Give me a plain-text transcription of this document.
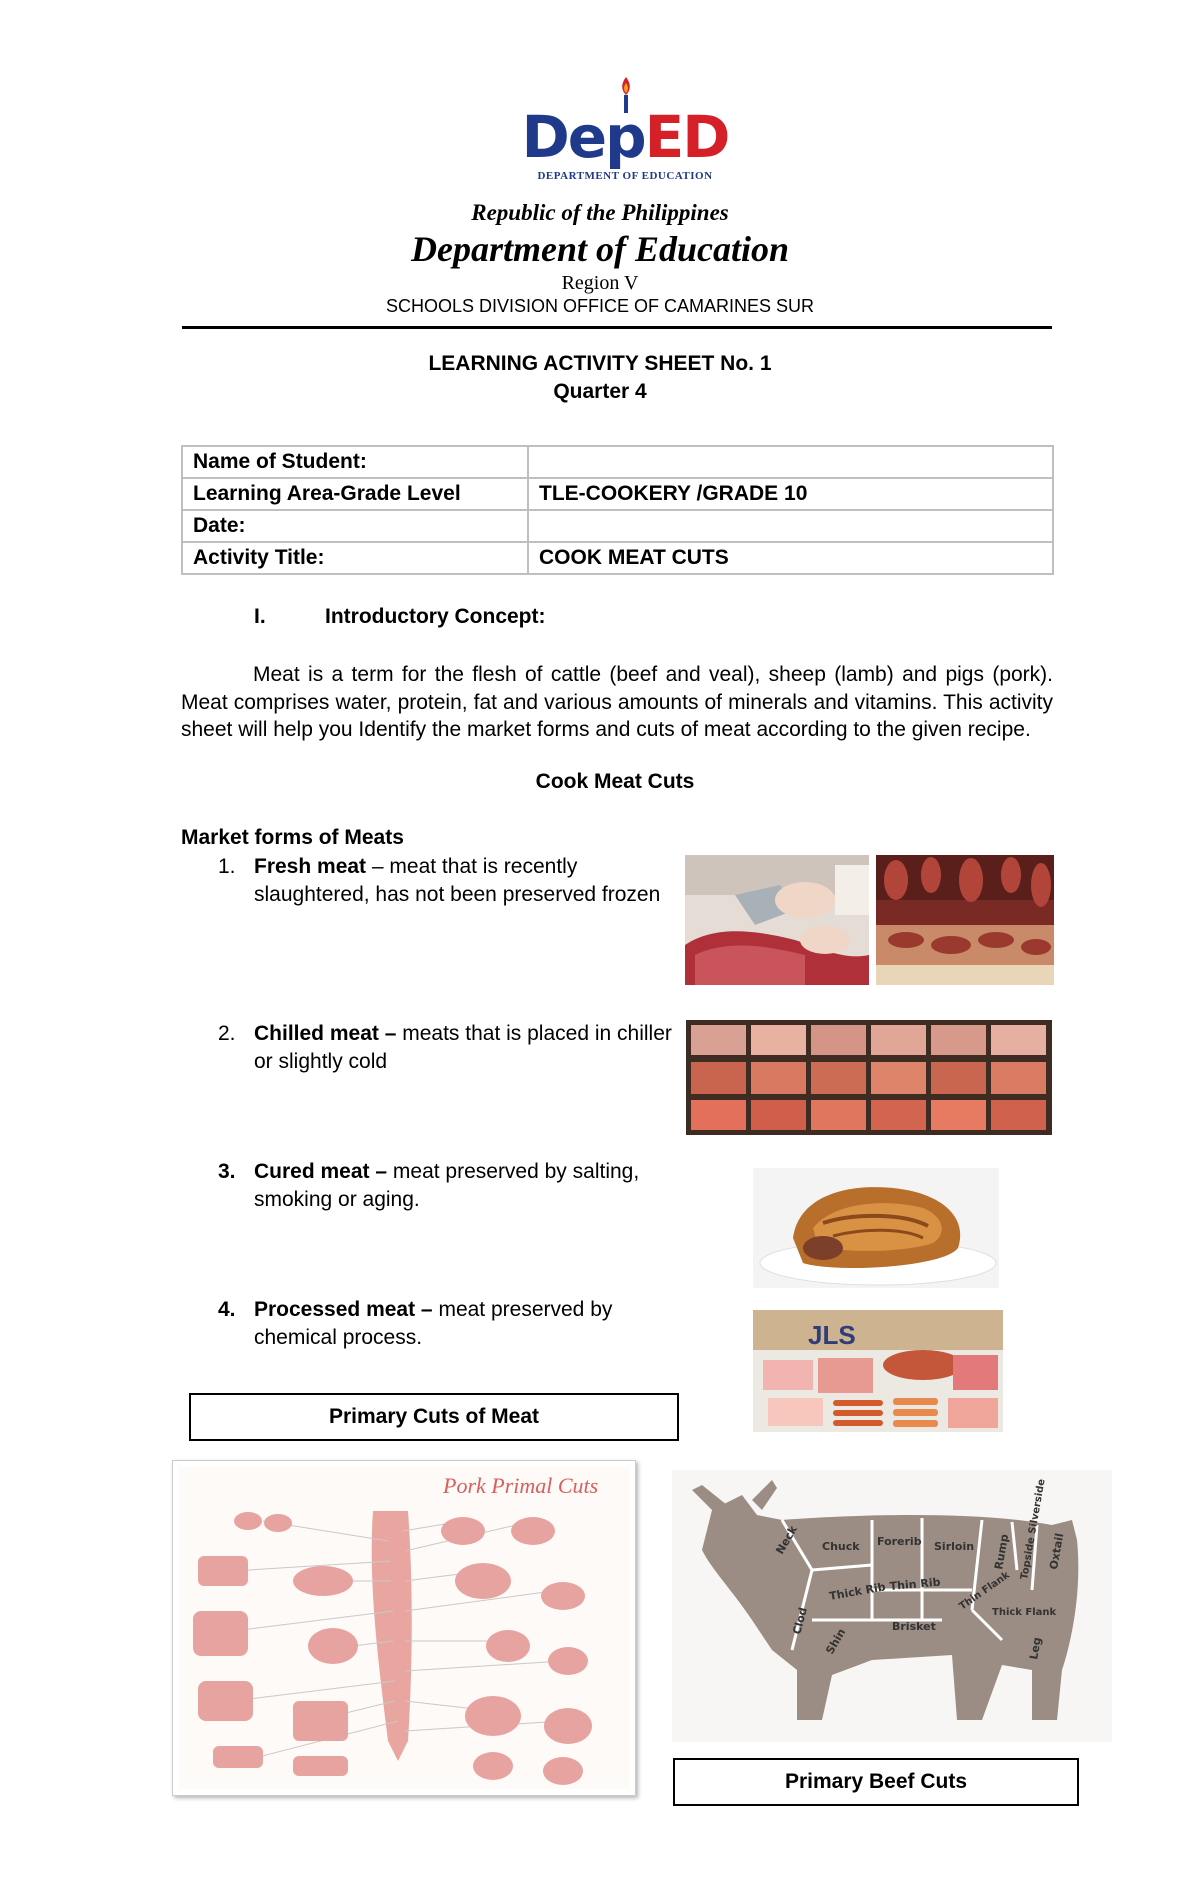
DepED
DEPARTMENT OF EDUCATION
Republic of the Philippines
Department of Education
Region V
SCHOOLS DIVISION OFFICE OF CAMARINES SUR
LEARNING ACTIVITY SHEET No. 1
Quarter 4
Name of Student:	
Learning Area-Grade Level	TLE-COOKERY /GRADE 10
Date:	
Activity Title:	COOK MEAT CUTS
I.	Introductory Concept:
Meat is a term for the flesh of cattle (beef and veal), sheep (lamb) and pigs (pork). Meat comprises water, protein, fat and various amounts of minerals and vitamins. This activity sheet will help you Identify the market forms and cuts of meat according to the given recipe.
Cook Meat Cuts
Market forms of Meats
1. Fresh meat – meat that is recently slaughtered, has not been preserved frozen
2. Chilled meat – meats that is placed in chiller or slightly cold
3. Cured meat – meat preserved by salting, smoking or aging.
4. Processed meat – meat preserved by chemical process.	JLS
Primary Cuts of Meat
Pork Primal Cuts
Neck Chuck Forerib Sirloin Rump Topside Silverside Oxtail
Clod
Thick Rib Thin Rib Thin Flank
Thick Flank
Shin	Brisket
Leg
Primary Beef Cuts
